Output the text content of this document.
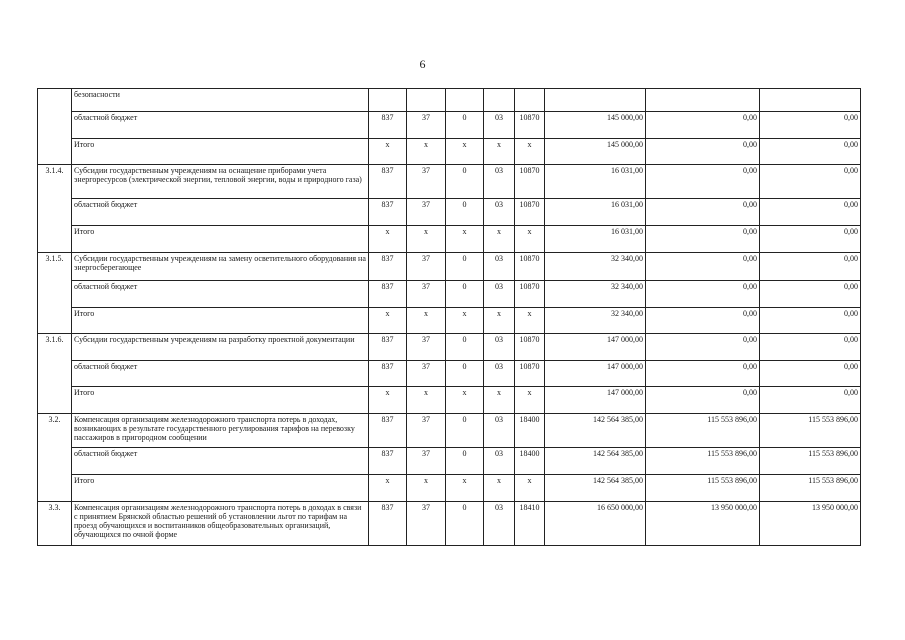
6
	безопасности								
	областной бюджет	837	37	0	03	10870	145 000,00	0,00	0,00
	Итого	х	х	х	х	х	145 000,00	0,00	0,00
3.1.4.	Субсидии государственным учреждениям на оснащение приборами учета энергоресурсов (электрической энергии, тепловой энергии, воды и природного газа)	837	37	0	03	10870	16 031,00	0,00	0,00
	областной бюджет	837	37	0	03	10870	16 031,00	0,00	0,00
	Итого	х	х	х	х	х	16 031,00	0,00	0,00
3.1.5.	Субсидии государственным учреждениям на замену осветительного оборудования на энергосберегающее	837	37	0	03	10870	32 340,00	0,00	0,00
	областной бюджет	837	37	0	03	10870	32 340,00	0,00	0,00
	Итого	х	х	х	х	х	32 340,00	0,00	0,00
3.1.6.	Субсидии государственным учреждениям на разработку проектной документации	837	37	0	03	10870	147 000,00	0,00	0,00
	областной бюджет	837	37	0	03	10870	147 000,00	0,00	0,00
	Итого	х	х	х	х	х	147 000,00	0,00	0,00
3.2.	Компенсация организациям железнодорожного транспорта потерь в доходах, возникающих в результате государственного регулирования тарифов на перевозку пассажиров в пригородном сообщении	837	37	0	03	18400	142 564 385,00	115 553 896,00	115 553 896,00
	областной бюджет	837	37	0	03	18400	142 564 385,00	115 553 896,00	115 553 896,00
	Итого	х	х	х	х	х	142 564 385,00	115 553 896,00	115 553 896,00
3.3.	Компенсация организациям железнодорожного транспорта потерь в доходах в связи с принятием Брянской областью решений об установлении льгот по тарифам на проезд обучающихся и воспитанников общеобразовательных организаций, обучающихся по очной форме	837	37	0	03	18410	16 650 000,00	13 950 000,00	13 950 000,00
